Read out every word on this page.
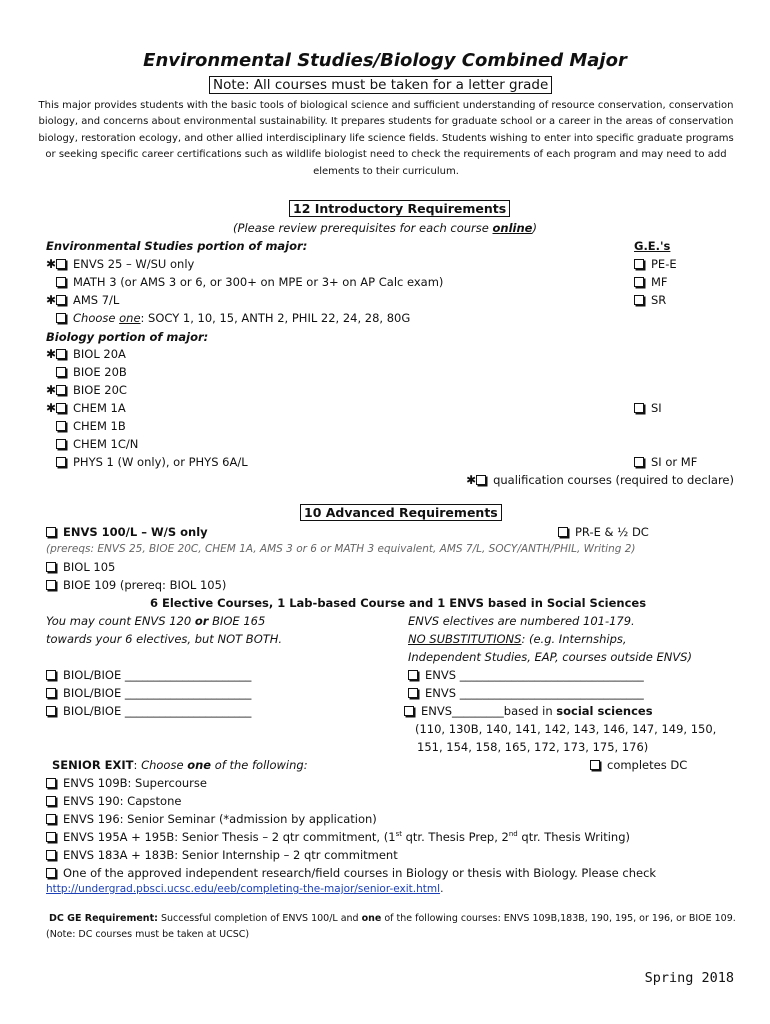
Environmental Studies/Biology Combined Major
Note: All courses must be taken for a letter grade
This major provides students with the basic tools of biological science and sufficient understanding of resource conservation, conservation biology, and concerns about environmental sustainability. It prepares students for graduate school or a career in the areas of conservation biology, restoration ecology, and other allied interdisciplinary life science fields. Students wishing to enter into specific graduate programs or seeking specific career certifications such as wildlife biologist need to check the requirements of each program and may need to add elements to their curriculum.
12 Introductory Requirements
(Please review prerequisites for each course online)
Environmental Studies portion of major:	G.E.'s
✱ ENVS 25 – W/SU only	PE-E
MATH 3 (or AMS 3 or 6, or 300+ on MPE or 3+ on AP Calc exam)	MF
✱ AMS 7/L	SR
Choose one: SOCY 1, 10, 15, ANTH 2, PHIL 22, 24, 28, 80G
Biology portion of major:
✱ BIOL 20A
BIOE 20B
✱ BIOE 20C
✱ CHEM 1A	SI
CHEM 1B
CHEM 1C/N
PHYS 1 (W only), or PHYS 6A/L	SI or MF
✱ qualification courses (required to declare)
10 Advanced Requirements
ENVS 100/L – W/S only	PR-E & ½ DC
(prereqs: ENVS 25, BIOE 20C, CHEM 1A, AMS 3 or 6 or MATH 3 equivalent, AMS 7/L, SOCY/ANTH/PHIL, Writing 2)
BIOL 105
BIOE 109 (prereq: BIOL 105)
6 Elective Courses, 1 Lab-based Course and 1 ENVS based in Social Sciences
You may count ENVS 120 or BIOE 165
towards your 6 electives, but NOT BOTH.
ENVS electives are numbered 101-179.
NO SUBSTITUTIONS: (e.g. Internships,
Independent Studies, EAP, courses outside ENVS)
BIOL/BIOE ______________________
BIOL/BIOE ______________________
BIOL/BIOE ______________________
ENVS ________________________________
ENVS ________________________________
ENVS_________based in social sciences
(110, 130B, 140, 141, 142, 143, 146, 147, 149, 150,
151, 154, 158, 165, 172, 173, 175, 176)
SENIOR EXIT: Choose one of the following:	completes DC
ENVS 109B: Supercourse
ENVS 190: Capstone
ENVS 196: Senior Seminar (*admission by application)
ENVS 195A + 195B: Senior Thesis – 2 qtr commitment, (1st qtr. Thesis Prep, 2nd qtr. Thesis Writing)
ENVS 183A + 183B: Senior Internship – 2 qtr commitment
One of the approved independent research/field courses in Biology or thesis with Biology. Please check
http://undergrad.pbsci.ucsc.edu/eeb/completing-the-major/senior-exit.html.
DC GE Requirement: Successful completion of ENVS 100/L and one of the following courses: ENVS 109B,183B, 190, 195, or 196, or BIOE 109.
(Note: DC courses must be taken at UCSC)
Spring 2018
